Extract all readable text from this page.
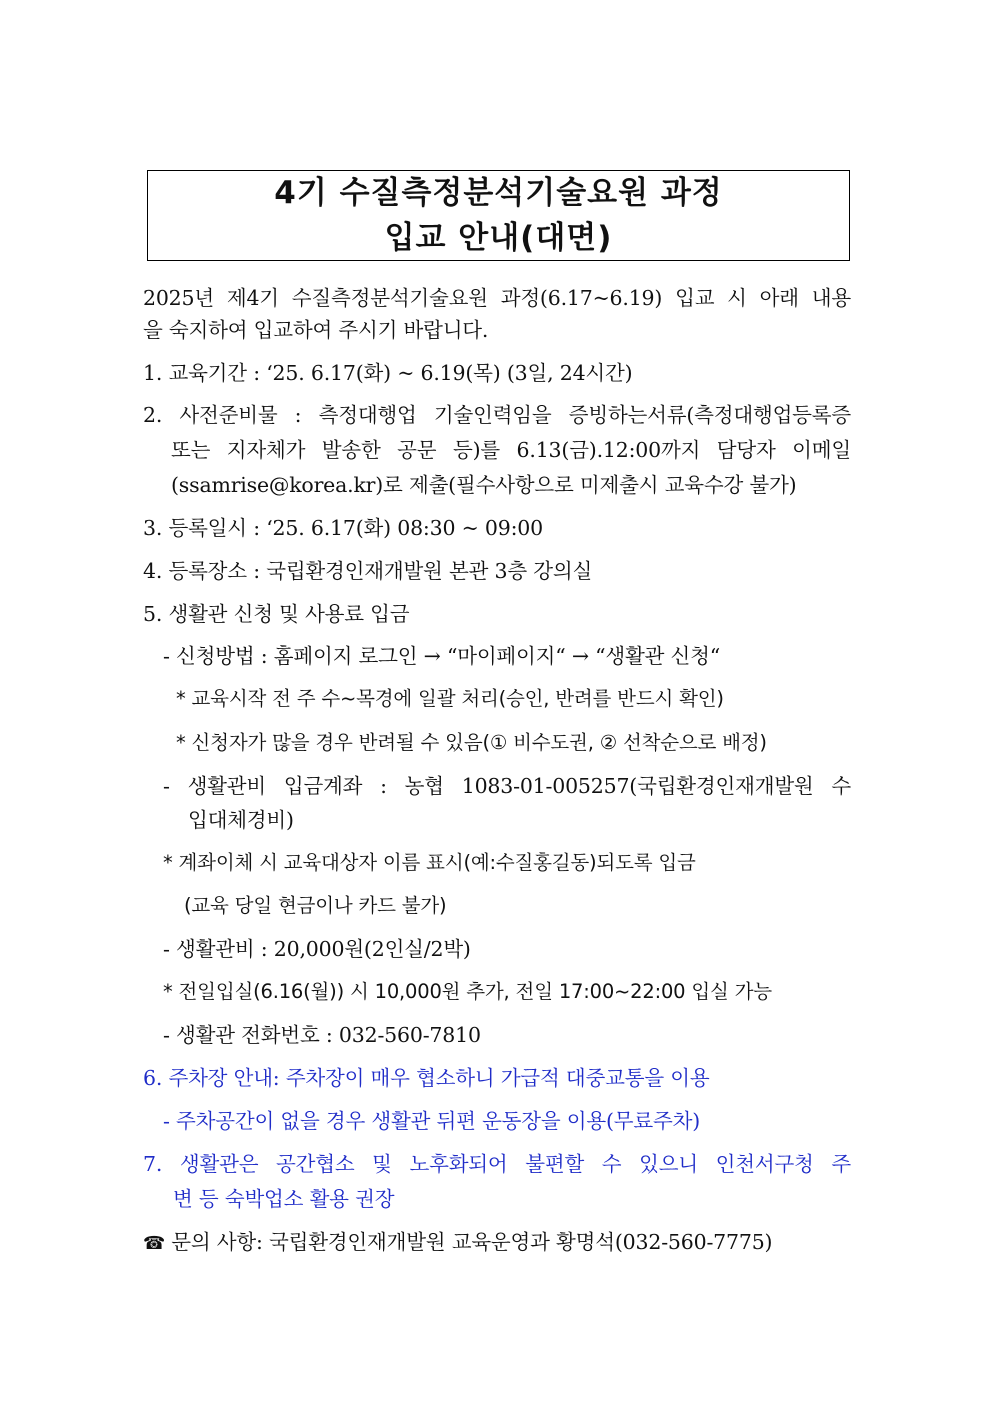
4기 수질측정분석기술요원 과정
입교 안내(대면)
2025년 제4기 수질측정분석기술요원 과정(6.17~6.19) 입교 시 아래 내용
을 숙지하여 입교하여 주시기 바랍니다.
1. 교육기간 : ‘25. 6.17(화) ~ 6.19(목) (3일, 24시간)
2. 사전준비물 : 측정대행업 기술인력임을 증빙하는서류(측정대행업등록증
또는 지자체가 발송한 공문 등)를 6.13(금).12:00까지 담당자 이메일
(ssamrise@korea.kr)로 제출(필수사항으로 미제출시 교육수강 불가)
3. 등록일시 : ‘25. 6.17(화) 08:30 ~ 09:00
4. 등록장소 : 국립환경인재개발원 본관 3층 강의실
5. 생활관 신청 및 사용료 입금
- 신청방법 : 홈페이지 로그인 → “마이페이지“ → “생활관 신청“
* 교육시작 전 주 수~목경에 일괄 처리(승인, 반려를 반드시 확인)
* 신청자가 많을 경우 반려될 수 있음(① 비수도권, ② 선착순으로 배정)
- 생활관비 입금계좌 : 농협 1083-01-005257(국립환경인재개발원 수
입대체경비)
* 계좌이체 시 교육대상자 이름 표시(예:수질홍길동)되도록 입금
(교육 당일 현금이나 카드 불가)
- 생활관비 : 20,000원(2인실/2박)
* 전일입실(6.16(월)) 시 10,000원 추가, 전일 17:00~22:00 입실 가능
- 생활관 전화번호 : 032-560-7810
6. 주차장 안내: 주차장이 매우 협소하니 가급적 대중교통을 이용
- 주차공간이 없을 경우 생활관 뒤편 운동장을 이용(무료주차)
7. 생활관은 공간협소 및 노후화되어 불편할 수 있으니 인천서구청 주
변 등 숙박업소 활용 권장
☎ 문의 사항: 국립환경인재개발원 교육운영과 황명석(032-560-7775)
